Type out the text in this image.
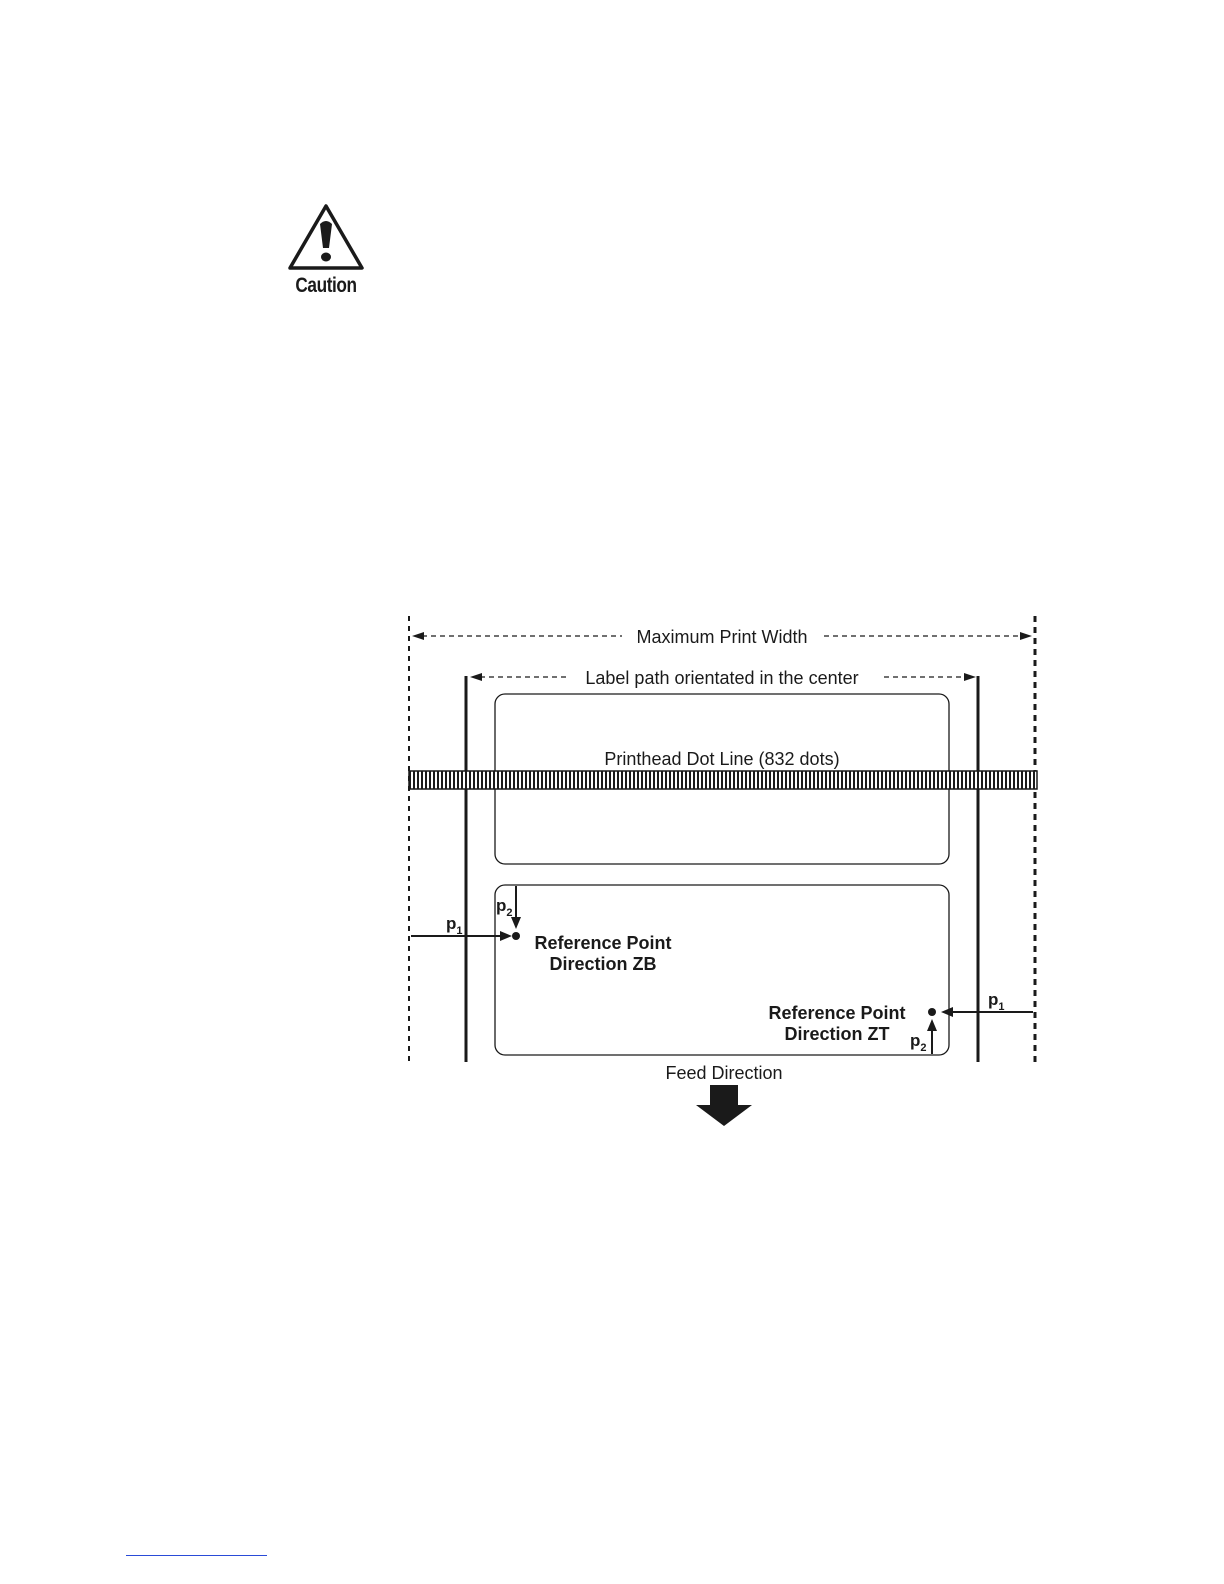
Caution
Maximum Print Width
Label path orientated in the center
Printhead Dot Line (832 dots)
$p_1$
$p_2$
Reference Point
Direction ZB
Reference Point
Direction ZT
$p_1$
$p_2$
Feed Direction
